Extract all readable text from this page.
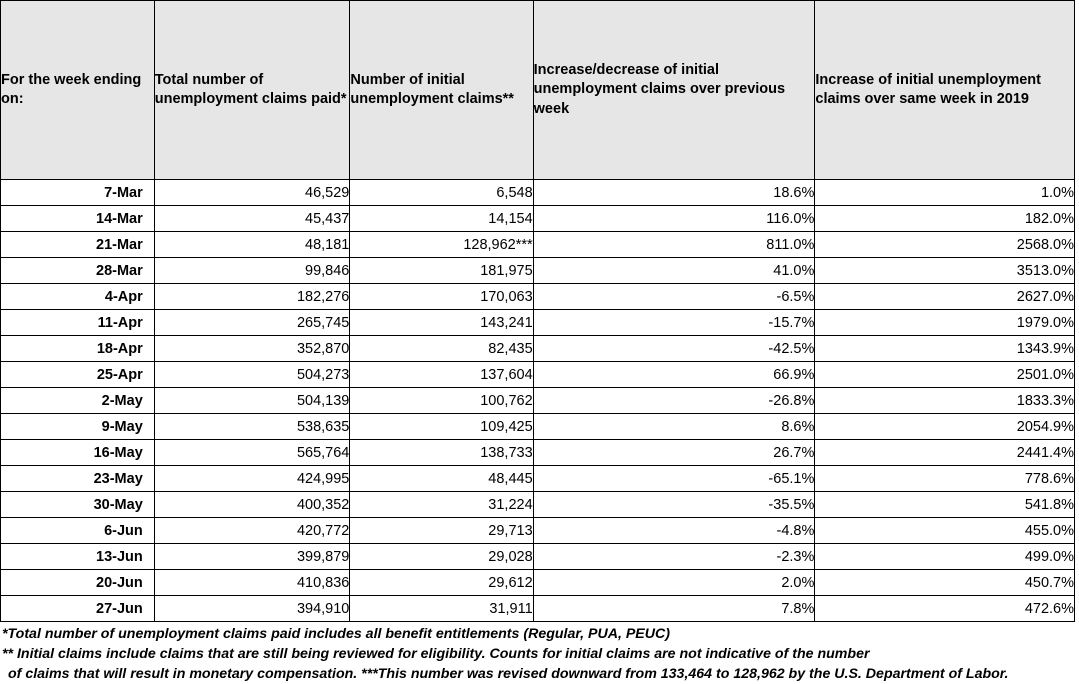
For the week ending on:	Total number of unemployment claims paid*	Number of initial unemployment claims**	Increase/decrease of initial unemployment claims over previous week	Increase of initial unemployment claims over same week in 2019
7-Mar	46,529	6,548	18.6%	1.0%
14-Mar	45,437	14,154	116.0%	182.0%
21-Mar	48,181	128,962***	811.0%	2568.0%
28-Mar	99,846	181,975	41.0%	3513.0%
4-Apr	182,276	170,063	-6.5%	2627.0%
11-Apr	265,745	143,241	-15.7%	1979.0%
18-Apr	352,870	82,435	-42.5%	1343.9%
25-Apr	504,273	137,604	66.9%	2501.0%
2-May	504,139	100,762	-26.8%	1833.3%
9-May	538,635	109,425	8.6%	2054.9%
16-May	565,764	138,733	26.7%	2441.4%
23-May	424,995	48,445	-65.1%	778.6%
30-May	400,352	31,224	-35.5%	541.8%
6-Jun	420,772	29,713	-4.8%	455.0%
13-Jun	399,879	29,028	-2.3%	499.0%
20-Jun	410,836	29,612	2.0%	450.7%
27-Jun	394,910	31,911	7.8%	472.6%
*Total number of unemployment claims paid includes all benefit entitlements (Regular, PUA, PEUC)
** Initial claims include claims that are still being reviewed for eligibility. Counts for initial claims are not indicative of the number
of claims that will result in monetary compensation. ***This number was revised downward from 133,464 to 128,962 by the U.S. Department of Labor.
